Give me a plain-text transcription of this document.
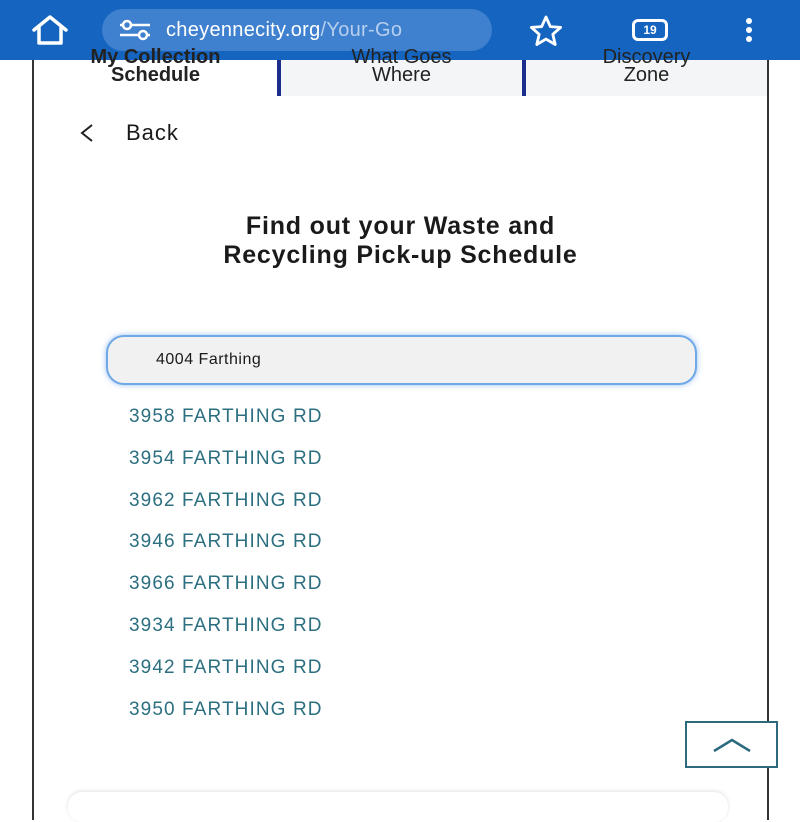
cheyennecity.org/Your-Go	19
My Collection
Schedule
What Goes
Where
Discovery
Zone
Back
Find out your Waste and
Recycling Pick-up Schedule
4004 Farthing
3958 FARTHING RD
3954 FARTHING RD
3962 FARTHING RD
3946 FARTHING RD
3966 FARTHING RD
3934 FARTHING RD
3942 FARTHING RD
3950 FARTHING RD
